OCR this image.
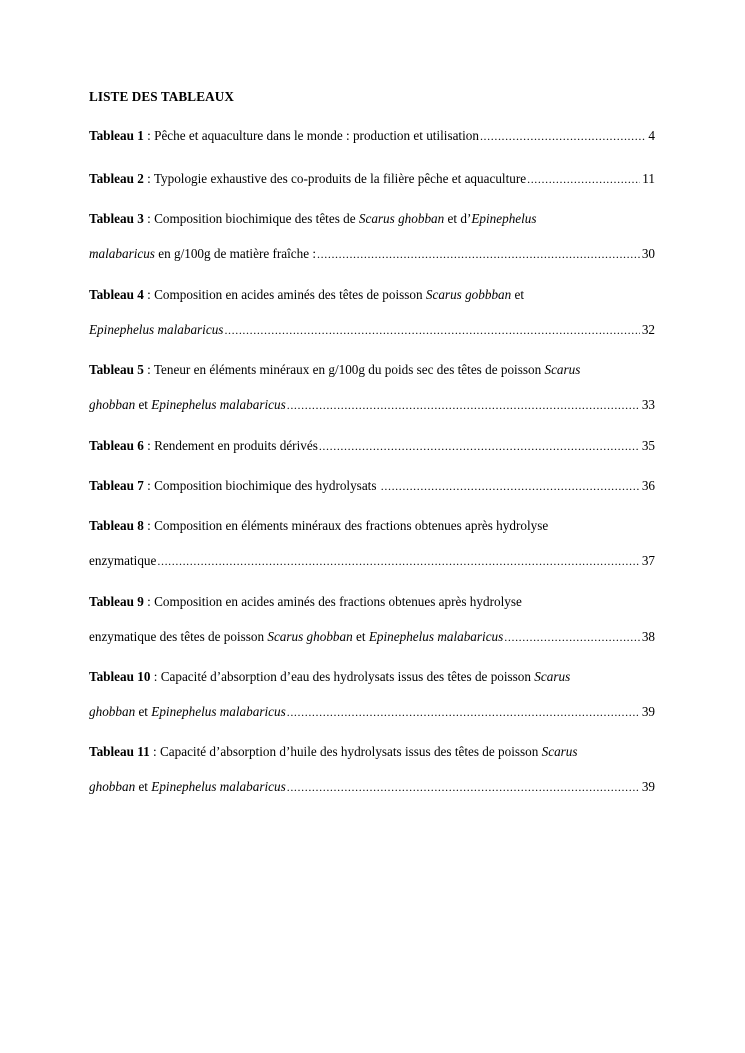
LISTE DES TABLEAUX
Tableau 1 : Pêche et aquaculture dans le monde : production et utilisation .....	4
Tableau 2 : Typologie exhaustive des co-produits de la filière pêche et aquaculture .....	11
Tableau 3 : Composition biochimique des têtes de Scarus ghobban et d’Epinephelus
malabaricus en g/100g de matière fraîche : .....	30
Tableau 4 : Composition en acides aminés des têtes de poisson Scarus gobbban et
Epinephelus malabaricus .....	32
Tableau 5 : Teneur en éléments minéraux en g/100g du poids sec des têtes de poisson Scarus
ghobban et Epinephelus malabaricus .....	33
Tableau 6 : Rendement en produits dérivés .....	35
Tableau 7 : Composition biochimique des hydrolysats .....	36
Tableau 8 : Composition en éléments minéraux des fractions obtenues après hydrolyse
enzymatique .....	37
Tableau 9 : Composition en acides aminés des fractions obtenues après hydrolyse
enzymatique des têtes de poisson Scarus ghobban et Epinephelus malabaricus .....	38
Tableau 10 : Capacité d’absorption d’eau des hydrolysats issus des têtes de poisson Scarus
ghobban et Epinephelus malabaricus .....	39
Tableau 11 : Capacité d’absorption d’huile des hydrolysats issus des têtes de poisson Scarus
ghobban et Epinephelus malabaricus .....	39
